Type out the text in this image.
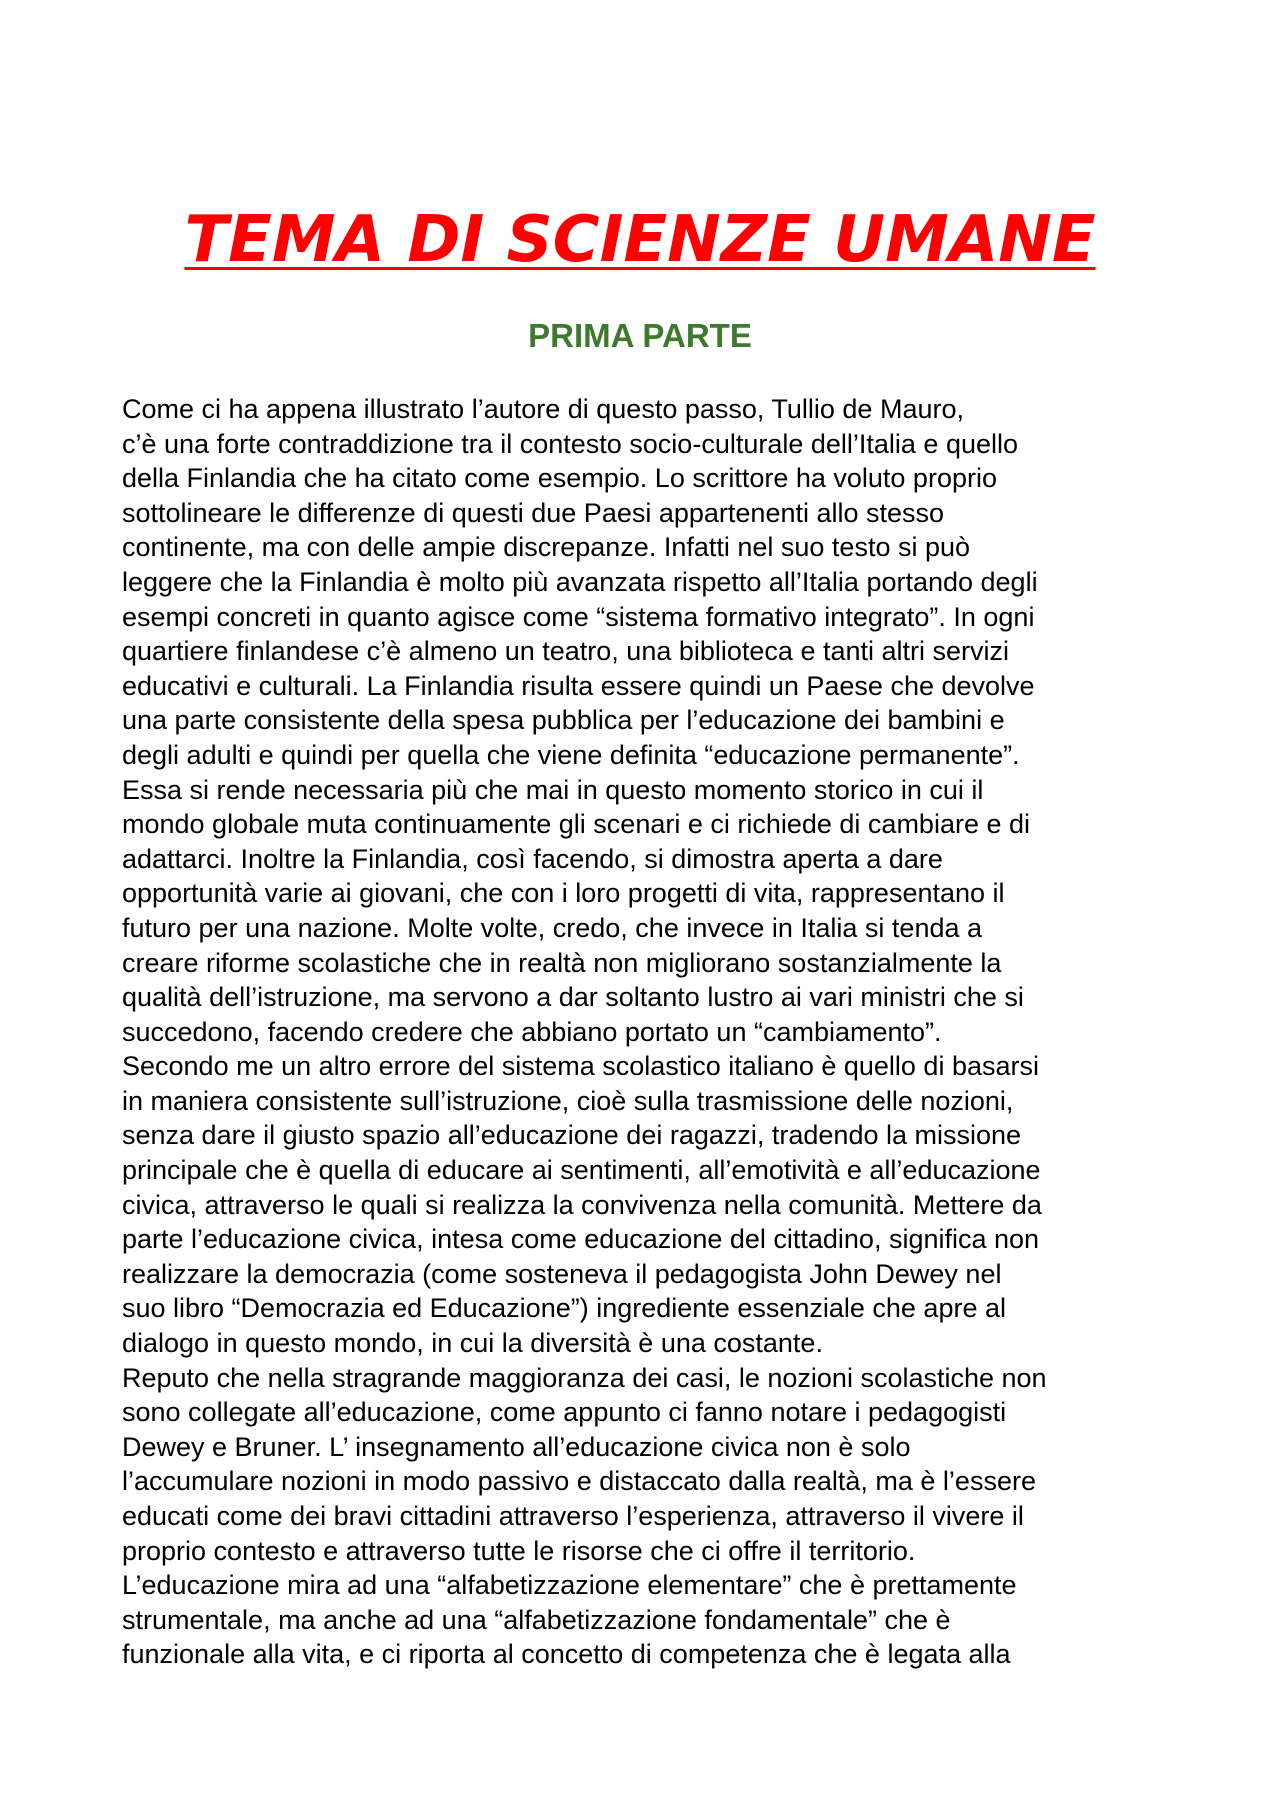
TEMA DI SCIENZE UMANE
PRIMA PARTE
Come ci ha appena illustrato l’autore di questo passo, Tullio de Mauro,
c’è una forte contraddizione tra il contesto socio-culturale dell’Italia e quello
della Finlandia che ha citato come esempio. Lo scrittore ha voluto proprio
sottolineare le differenze di questi due Paesi appartenenti allo stesso
continente, ma con delle ampie discrepanze. Infatti nel suo testo si può
leggere che la Finlandia è molto più avanzata rispetto all’Italia portando degli
esempi concreti in quanto agisce come “sistema formativo integrato”. In ogni
quartiere finlandese c’è almeno un teatro, una biblioteca e tanti altri servizi
educativi e culturali. La Finlandia risulta essere quindi un Paese che devolve
una parte consistente della spesa pubblica per l’educazione dei bambini e
degli adulti e quindi per quella che viene definita “educazione permanente”.
Essa si rende necessaria più che mai in questo momento storico in cui il
mondo globale muta continuamente gli scenari e ci richiede di cambiare e di
adattarci. Inoltre la Finlandia, così facendo, si dimostra aperta a dare
opportunità varie ai giovani, che con i loro progetti di vita, rappresentano il
futuro per una nazione. Molte volte, credo, che invece in Italia si tenda a
creare riforme scolastiche che in realtà non migliorano sostanzialmente la
qualità dell’istruzione, ma servono a dar soltanto lustro ai vari ministri che si
succedono, facendo credere che abbiano portato un “cambiamento”.
Secondo me un altro errore del sistema scolastico italiano è quello di basarsi
in maniera consistente sull’istruzione, cioè sulla trasmissione delle nozioni,
senza dare il giusto spazio all’educazione dei ragazzi, tradendo la missione
principale che è quella di educare ai sentimenti, all’emotività e all’educazione
civica, attraverso le quali si realizza la convivenza nella comunità. Mettere da
parte l’educazione civica, intesa come educazione del cittadino, significa non
realizzare la democrazia (come sosteneva il pedagogista John Dewey nel
suo libro “Democrazia ed Educazione”) ingrediente essenziale che apre al
dialogo in questo mondo, in cui la diversità è una costante.
Reputo che nella stragrande maggioranza dei casi, le nozioni scolastiche non
sono collegate all’educazione, come appunto ci fanno notare i pedagogisti
Dewey e Bruner. L’ insegnamento all’educazione civica non è solo
l’accumulare nozioni in modo passivo e distaccato dalla realtà, ma è l’essere
educati come dei bravi cittadini attraverso l’esperienza, attraverso il vivere il
proprio contesto e attraverso tutte le risorse che ci offre il territorio.
L’educazione mira ad una “alfabetizzazione elementare” che è prettamente
strumentale, ma anche ad una “alfabetizzazione fondamentale” che è
funzionale alla vita, e ci riporta al concetto di competenza che è legata alla
